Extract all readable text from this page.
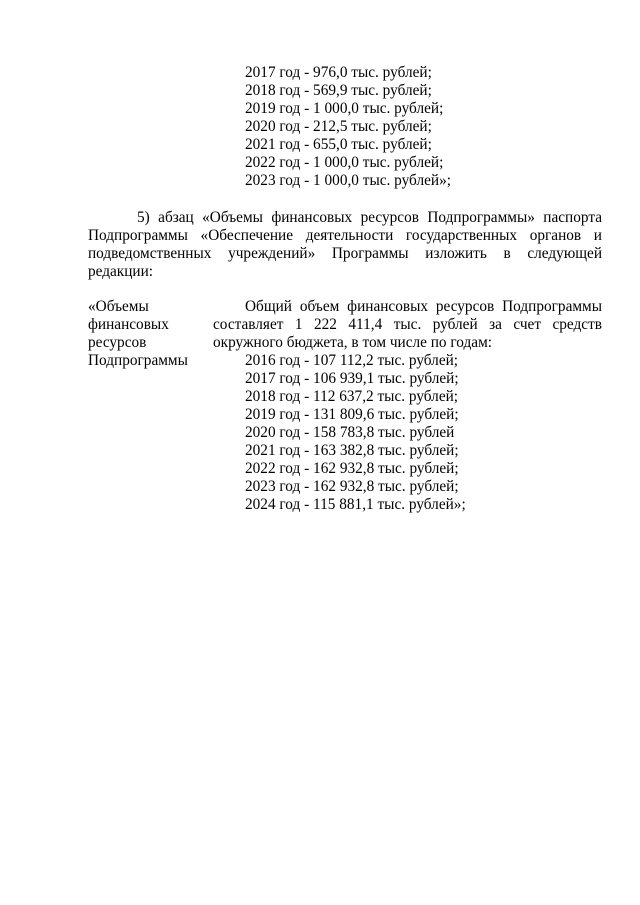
2017 год - 976,0 тыс. рублей;
2018 год - 569,9 тыс. рублей;
2019 год - 1 000,0 тыс. рублей;
2020 год - 212,5 тыс. рублей;
2021 год - 655,0 тыс. рублей;
2022 год - 1 000,0 тыс. рублей;
2023 год - 1 000,0 тыс. рублей»;
5) абзац «Объемы финансовых ресурсов Подпрограммы» паспорта
Подпрограммы «Обеспечение деятельности государственных органов и
подведомственных учреждений» Программы изложить в следующей
редакции:
«Объемы
финансовых
ресурсов
Подпрограммы
Общий объем финансовых ресурсов Подпрограммы
составляет 1 222 411,4 тыс. рублей за счет средств
окружного бюджета, в том числе по годам:
2016 год - 107 112,2 тыс. рублей;
2017 год - 106 939,1 тыс. рублей;
2018 год - 112 637,2 тыс. рублей;
2019 год - 131 809,6 тыс. рублей;
2020 год - 158 783,8 тыс. рублей
2021 год - 163 382,8 тыс. рублей;
2022 год - 162 932,8 тыс. рублей;
2023 год - 162 932,8 тыс. рублей;
2024 год - 115 881,1 тыс. рублей»;
